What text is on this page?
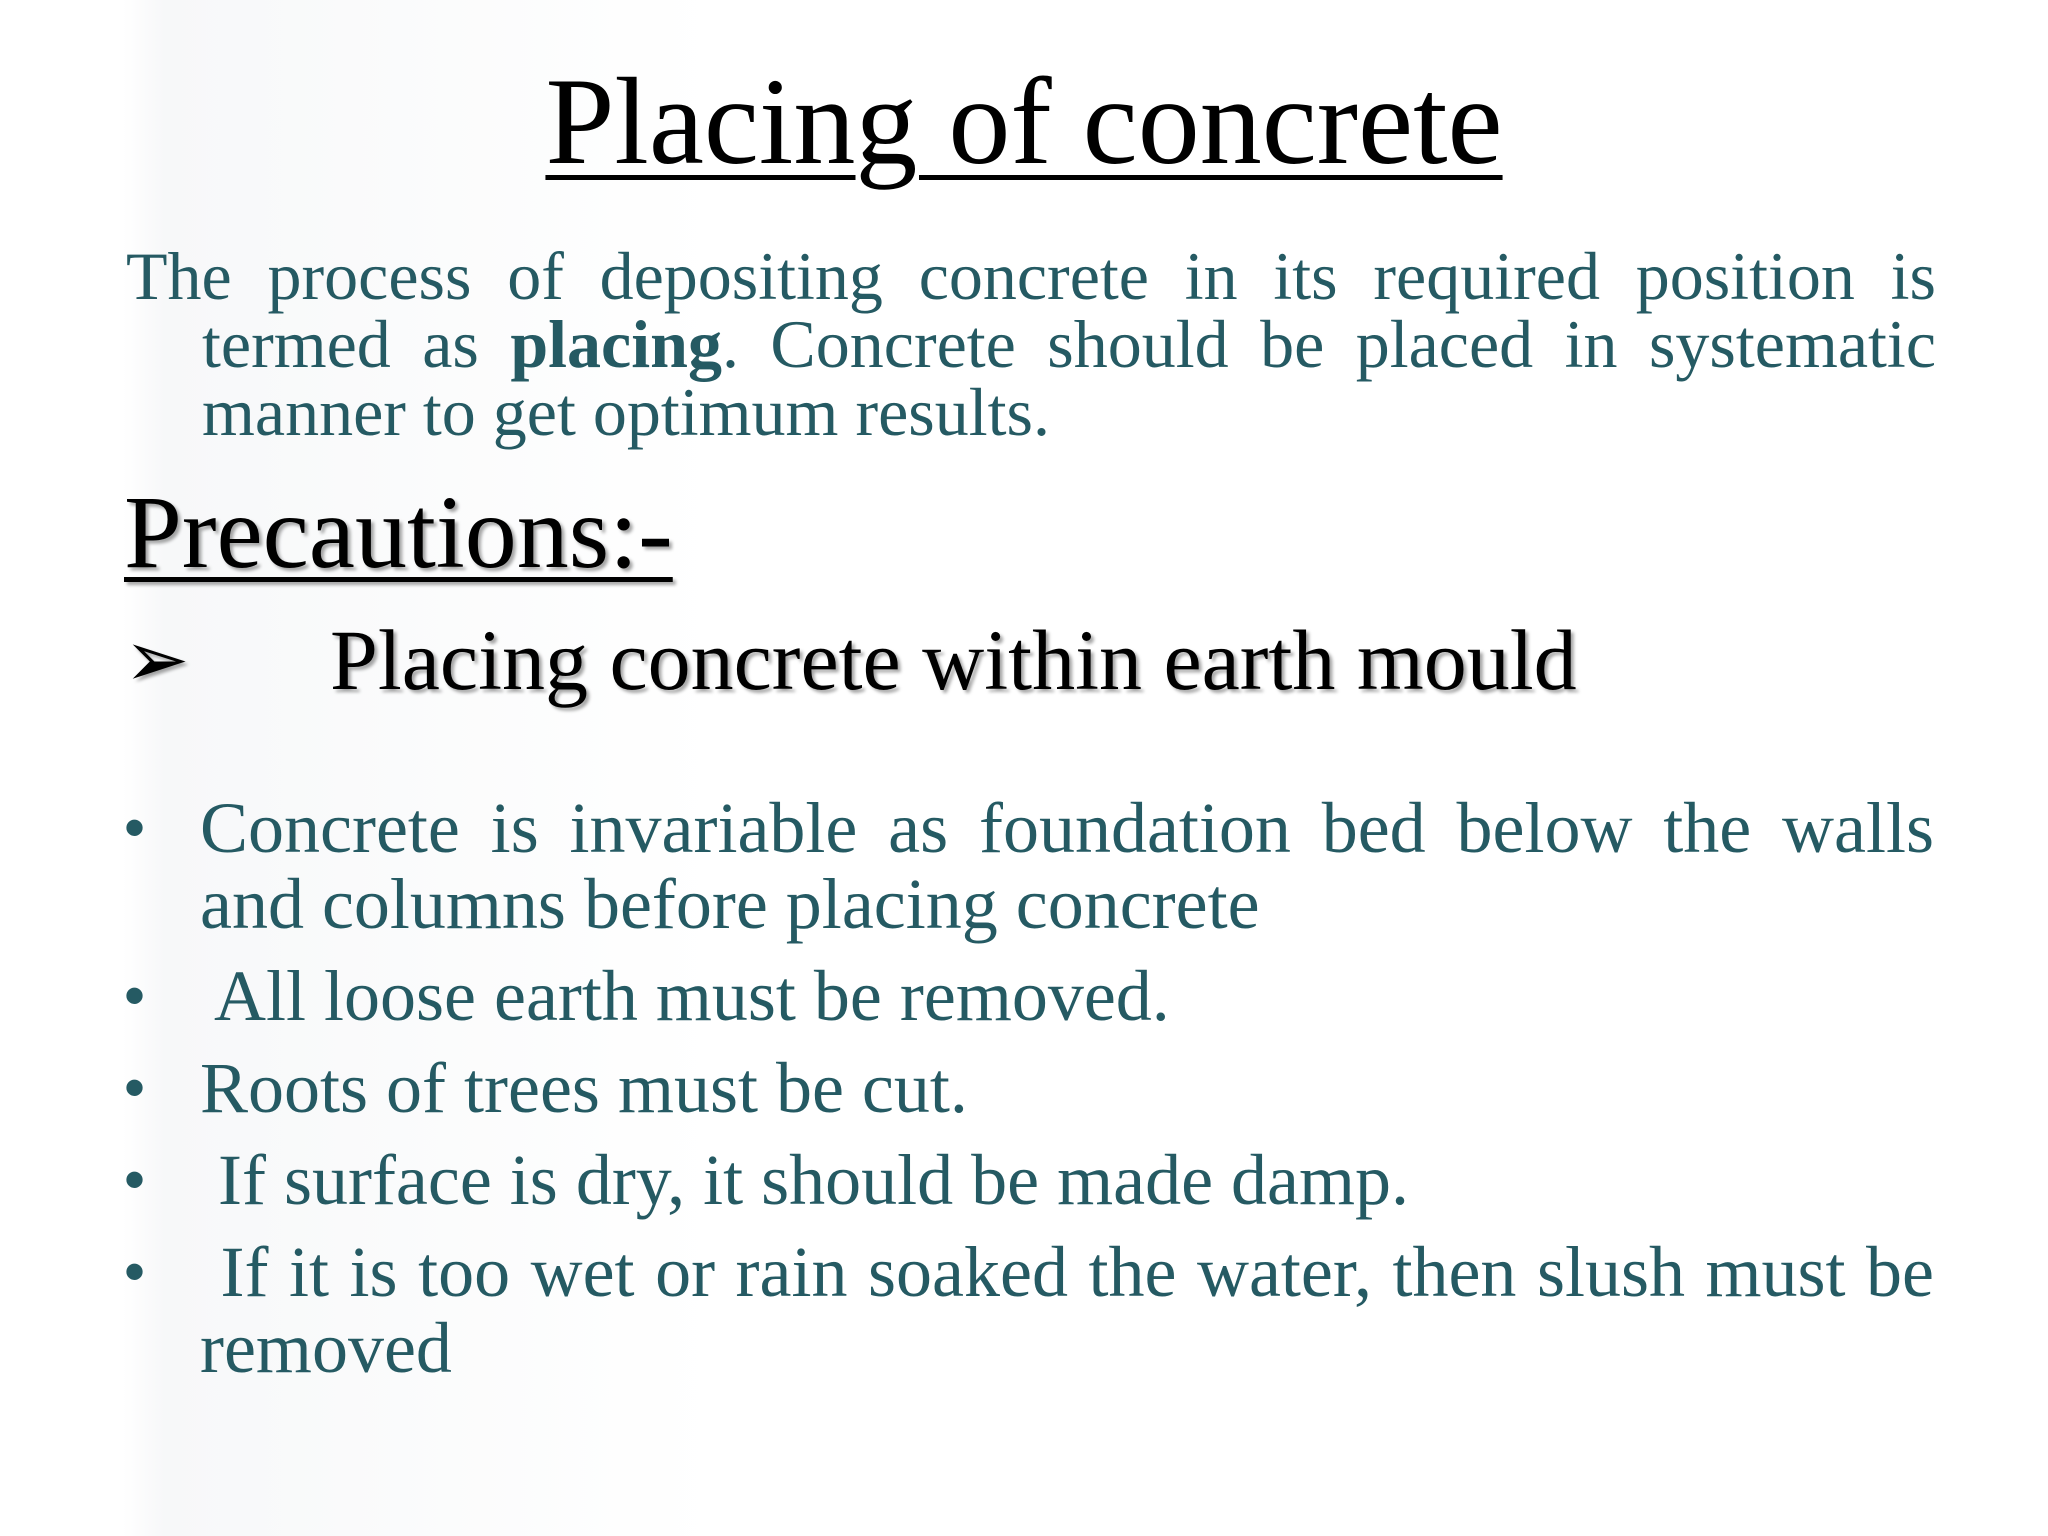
Placing of concrete

The process of depositing concrete in its required position is termed as placing. Concrete should be placed in systematic manner to get optimum results.

Precautions:-
➢ Placing concrete within earth mould
• Concrete is invariable as foundation bed below the walls and columns before placing concrete
• All loose earth must be removed.
• Roots of trees must be cut.
• If surface is dry, it should be made damp.
• If it is too wet or rain soaked the water, then slush must be removed
